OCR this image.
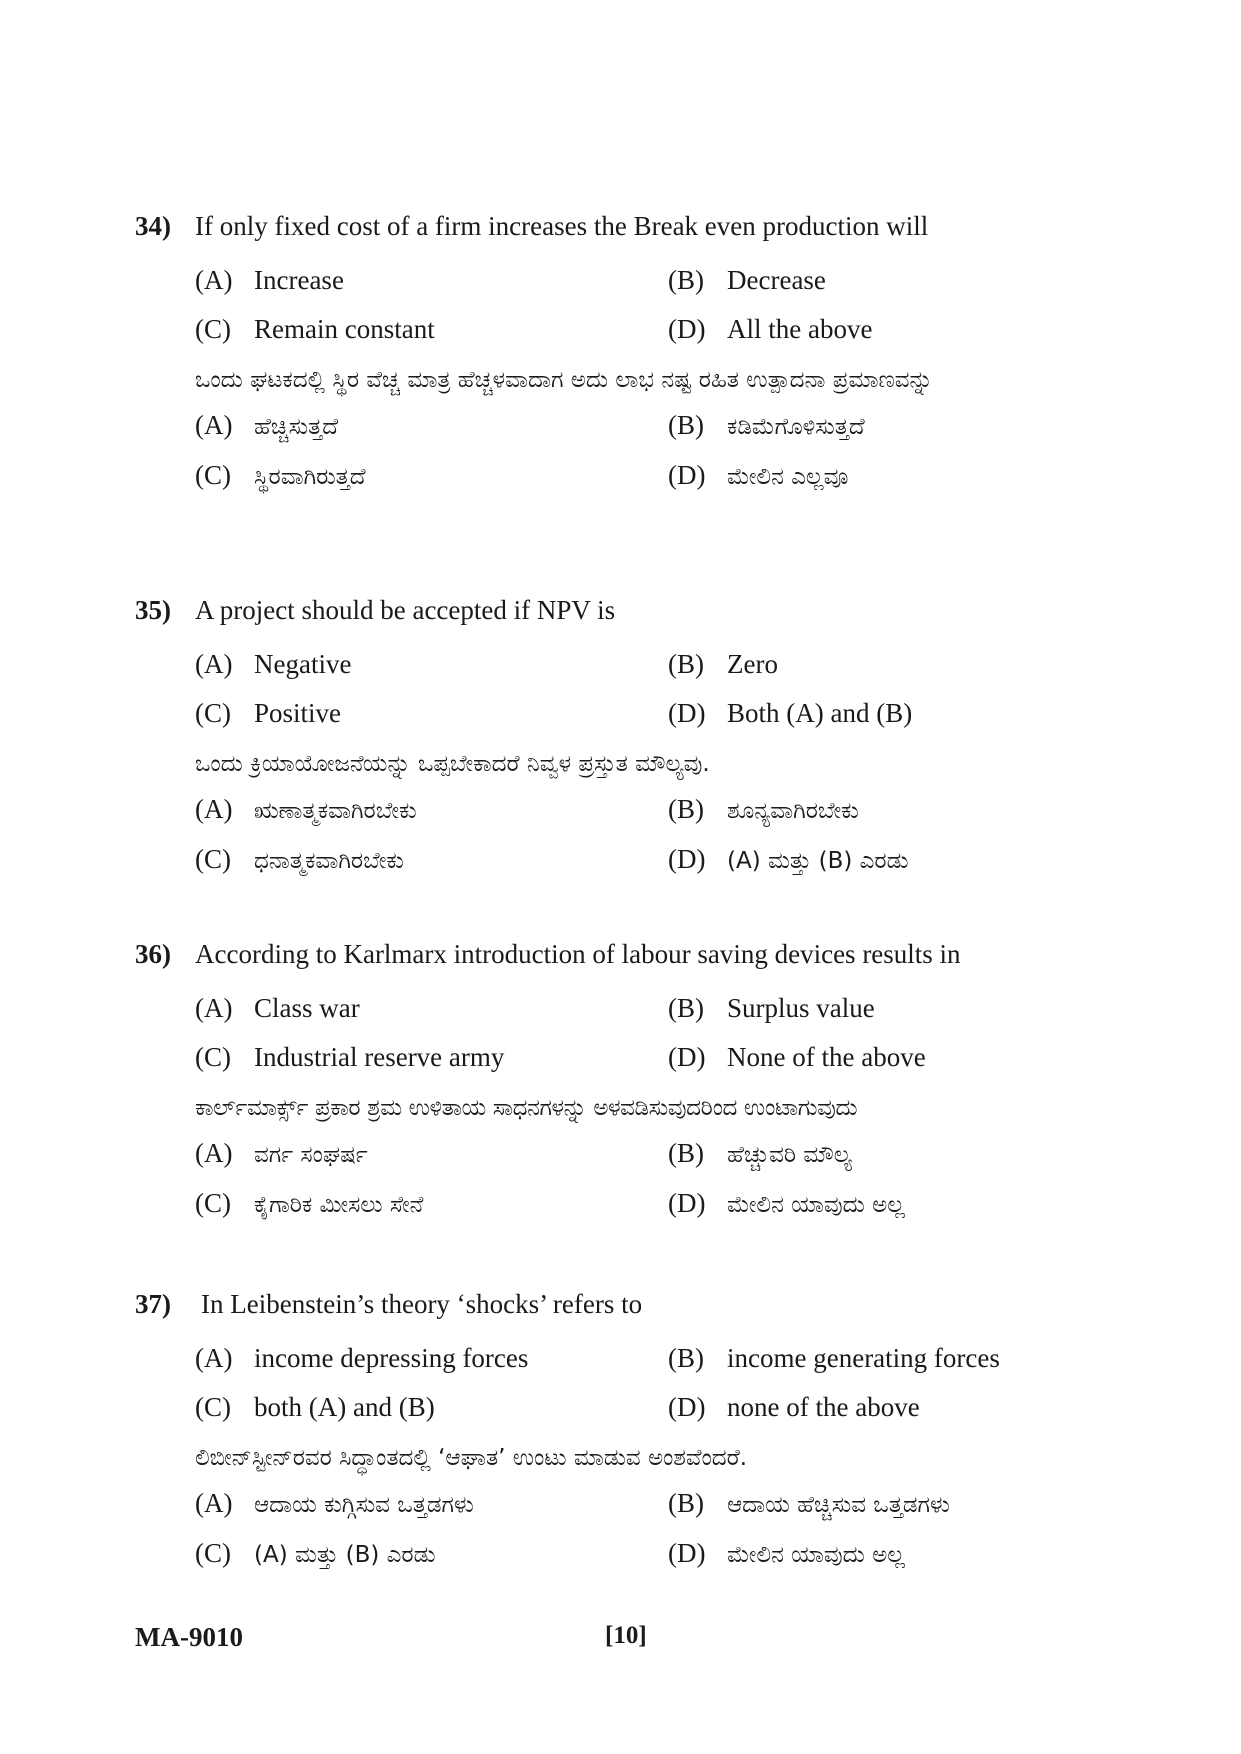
34) If only fixed cost of a firm increases the Break even production will
(A) Increase	(B) Decrease
(C) Remain constant	(D) All the above
ಒಂದು ಘಟಕದಲ್ಲಿ ಸ್ಥಿರ ವೆಚ್ಚ ಮಾತ್ರ ಹೆಚ್ಚಳವಾದಾಗ ಅದು ಲಾಭ ನಷ್ಟ ರಹಿತ ಉತ್ಪಾದನಾ ಪ್ರಮಾಣವನ್ನು
(A) ಹೆಚ್ಚಿಸುತ್ತದೆ	(B) ಕಡಿಮೆಗೊಳಿಸುತ್ತದೆ
(C) ಸ್ಥಿರವಾಗಿರುತ್ತದೆ	(D) ಮೇಲಿನ ಎಲ್ಲವೂ
35) A project should be accepted if NPV is
(A) Negative	(B) Zero
(C) Positive	(D) Both (A) and (B)
ಒಂದು ಕ್ರಿಯಾಯೋಜನೆಯನ್ನು ಒಪ್ಪಬೇಕಾದರೆ ನಿವ್ವಳ ಪ್ರಸ್ತುತ ಮೌಲ್ಯವು.
(A) ಋಣಾತ್ಮಕವಾಗಿರಬೇಕು	(B) ಶೂನ್ಯವಾಗಿರಬೇಕು
(C) ಧನಾತ್ಮಕವಾಗಿರಬೇಕು	(D) (A) ಮತ್ತು (B) ಎರಡು
36) According to Karlmarx introduction of labour saving devices results in
(A) Class war	(B) Surplus value
(C) Industrial reserve army	(D) None of the above
ಕಾರ್ಲ್‌ಮಾರ್ಕ್ಸ್ ಪ್ರಕಾರ ಶ್ರಮ ಉಳಿತಾಯ ಸಾಧನಗಳನ್ನು ಅಳವಡಿಸುವುದರಿಂದ ಉಂಟಾಗುವುದು
(A) ವರ್ಗ ಸಂಘರ್ಷ	(B) ಹೆಚ್ಚುವರಿ ಮೌಲ್ಯ
(C) ಕೈಗಾರಿಕ ಮೀಸಲು ಸೇನೆ	(D) ಮೇಲಿನ ಯಾವುದು ಅಲ್ಲ
37) In Leibenstein’s theory ‘shocks’ refers to
(A) income depressing forces	(B) income generating forces
(C) both (A) and (B)	(D) none of the above
ಲಿಬೀನ್‌ಸ್ಟೀನ್‌ರವರ ಸಿದ್ಧಾಂತದಲ್ಲಿ ‘ಆಘಾತ’ ಉಂಟು ಮಾಡುವ ಅಂಶವೆಂದರೆ.
(A) ಆದಾಯ ಕುಗ್ಗಿಸುವ ಒತ್ತಡಗಳು	(B) ಆದಾಯ ಹೆಚ್ಚಿಸುವ ಒತ್ತಡಗಳು
(C) (A) ಮತ್ತು (B) ಎರಡು	(D) ಮೇಲಿನ ಯಾವುದು ಅಲ್ಲ
MA-9010	[10]
